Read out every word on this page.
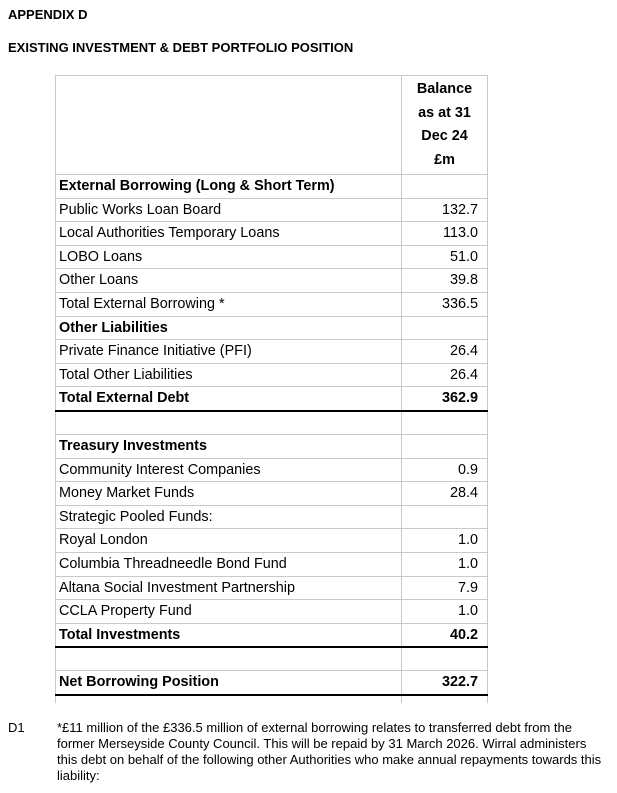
APPENDIX D
EXISTING INVESTMENT & DEBT PORTFOLIO POSITION

	Balance
as at 31
Dec 24
£m

External Borrowing (Long & Short Term)	
Public Works Loan Board	132.7
Local Authorities Temporary Loans	113.0
LOBO Loans	51.0
Other Loans	39.8
Total External Borrowing *	336.5
Other Liabilities	
Private Finance Initiative (PFI)	26.4
Total Other Liabilities	26.4
Total External Debt	362.9

Treasury Investments	
Community Interest Companies	0.9
Money Market Funds	28.4
Strategic Pooled Funds:	
Royal London	1.0
Columbia Threadneedle Bond Fund	1.0
Altana Social Investment Partnership	7.9
CCLA Property Fund	1.0
Total Investments	40.2

Net Borrowing Position	322.7

D1 *£11 million of the £336.5 million of external borrowing relates to transferred debt from the former Merseyside County Council. This will be repaid by 31 March 2026. Wirral administers this debt on behalf of the following other Authorities who make annual repayments towards this liability:
